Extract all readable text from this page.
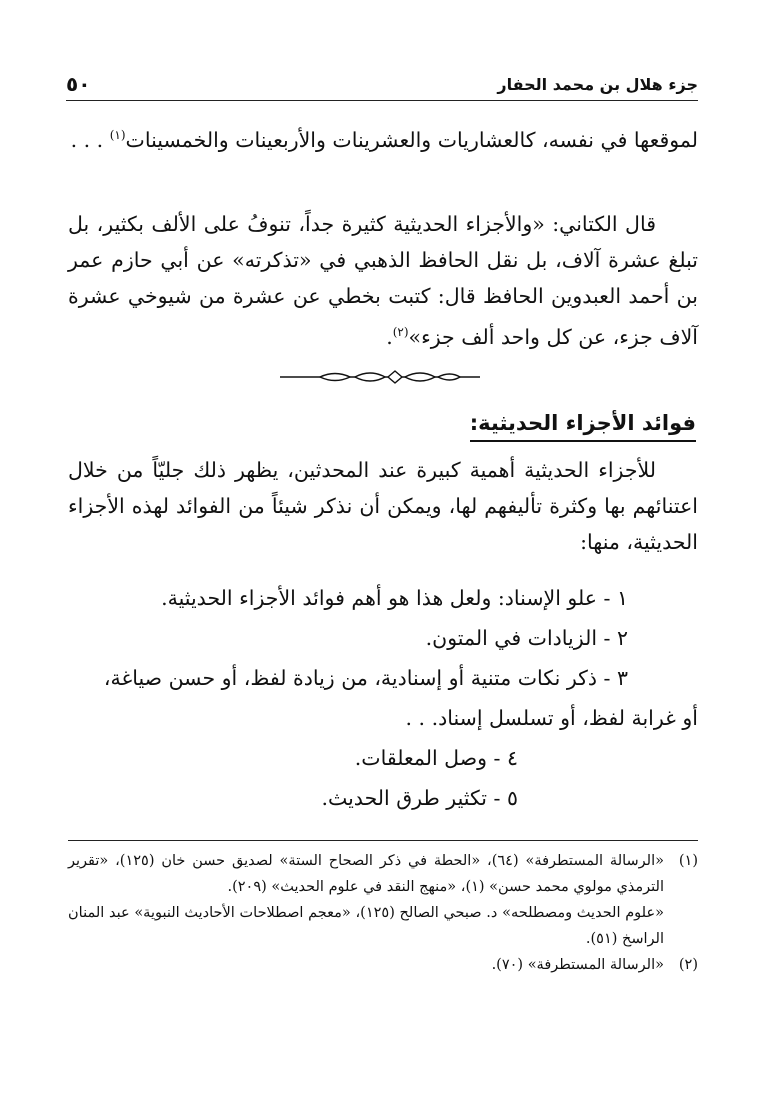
جزء هلال بن محمد الحفار
٥٠

لموقعها في نفسه، كالعشاريات والعشرينات والأربعينات والخمسينات$^{(١)}$ . . .

قال الكتاني: «والأجزاء الحديثية كثيرة جداً، تنوفُ على الألف بكثير، بل تبلغ عشرة آلاف، بل نقل الحافظ الذهبي في «تذكرته» عن أبي حازم عمر بن أحمد العبدوين الحافظ قال: كتبت بخطي عن عشرة من شيوخي عشرة آلاف جزء، عن كل واحد ألف جزء»$^{(٢)}$.

فوائد الأجزاء الحديثية:

للأجزاء الحديثية أهمية كبيرة عند المحدثين، يظهر ذلك جليّاً من خلال اعتنائهم بها وكثرة تأليفهم لها، ويمكن أن نذكر شيئاً من الفوائد لهذه الأجزاء الحديثية، منها:

١ - علو الإسناد: ولعل هذا هو أهم فوائد الأجزاء الحديثية.

٢ - الزيادات في المتون.

٣ - ذكر نكات متنية أو إسنادية، من زيادة لفظ، أو حسن صياغة،

أو غرابة لفظ، أو تسلسل إسناد. . .

٤ - وصل المعلقات.

٥ - تكثير طرق الحديث.

(١)
«الرسالة المستطرفة» (٦٤)، «الحطة في ذكر الصحاح الستة» لصديق حسن خان (١٢٥)، «تقرير الترمذي مولوي محمد حسن» (١)، «منهج النقد في علوم الحديث» (٢٠٩).
«علوم الحديث ومصطلحه» د. صبحي الصالح (١٢٥)، «معجم اصطلاحات الأحاديث النبوية» عبد المنان الراسخ (٥١).
(٢)
«الرسالة المستطرفة» (٧٠).
